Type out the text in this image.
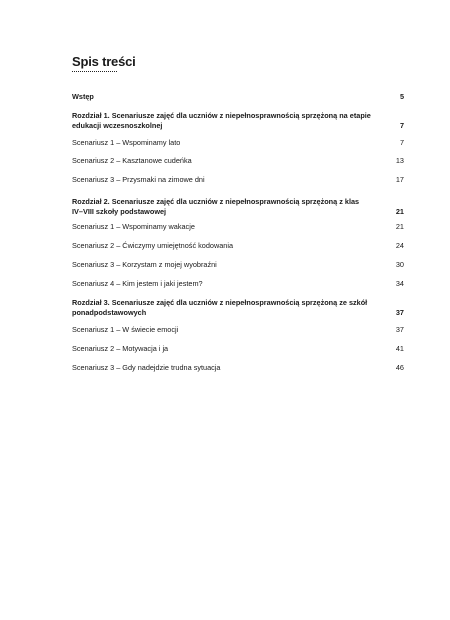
Spis treści
Wstęp	5
Rozdział 1. Scenariusze zajęć dla uczniów z niepełnosprawnością sprzężoną na etapie edukacji wczesnoszkolnej	7
Scenariusz 1 – Wspominamy lato	7
Scenariusz 2 – Kasztanowe cudeńka	13
Scenariusz 3 – Przysmaki na zimowe dni	17
Rozdział 2. Scenariusze zajęć dla uczniów z niepełnosprawnością sprzężoną z klas IV–VIII szkoły podstawowej	21
Scenariusz 1 – Wspominamy wakacje	21
Scenariusz 2 – Ćwiczymy umiejętność kodowania	24
Scenariusz 3 – Korzystam z mojej wyobraźni	30
Scenariusz 4 – Kim jestem i jaki jestem?	34
Rozdział 3. Scenariusze zajęć dla uczniów z niepełnosprawnością sprzężoną ze szkół ponadpodstawowych	37
Scenariusz 1 – W świecie emocji	37
Scenariusz 2 – Motywacja i ja	41
Scenariusz 3 – Gdy nadejdzie trudna sytuacja	46
